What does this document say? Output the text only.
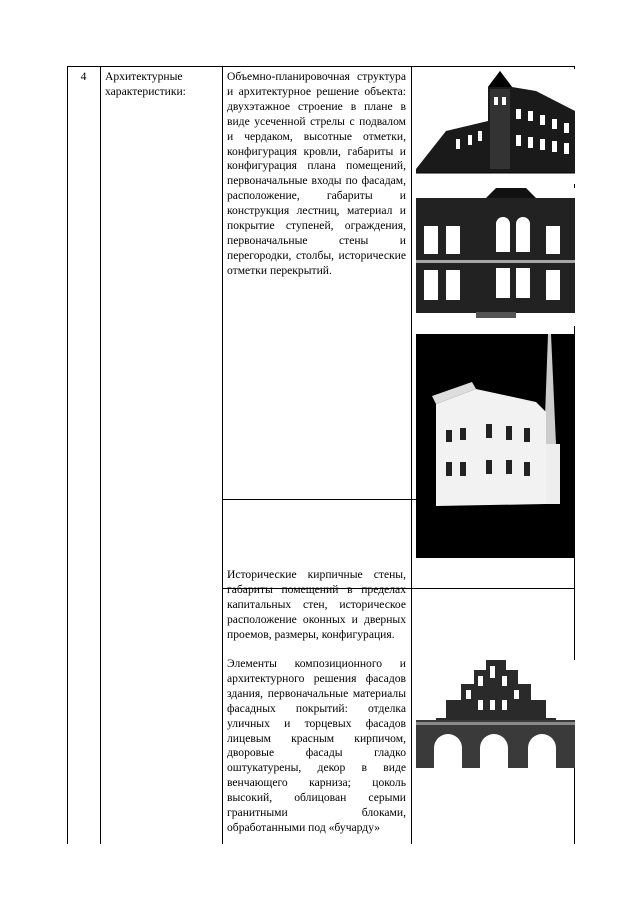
4	Архитектурные характеристики:
Объемно-планировочная структура и архитектурное решение объекта: двухэтажное строение в плане в виде усеченной стрелы с подвалом и чердаком, высотные отметки, конфигурация кровли, габариты и конфигурация плана помещений, первоначальные входы по фасадам, расположение, габариты и конструкция лестниц, материал и покрытие ступеней, ограждения, первоначальные стены и перегородки, столбы, исторические отметки перекрытий.
Исторические кирпичные стены, габариты помещений в пределах капитальных стен, историческое расположение оконных и дверных проемов, размеры, конфигурация.
Элементы композиционного и архитектурного решения фасадов здания, первоначальные материалы фасадных покрытий: отделка уличных и торцевых фасадов лицевым красным кирпичом, дворовые фасады гладко оштукатурены, декор в виде венчающего карниза; цоколь высокий, облицован серыми гранитными блоками, обработанными под «бучарду»
